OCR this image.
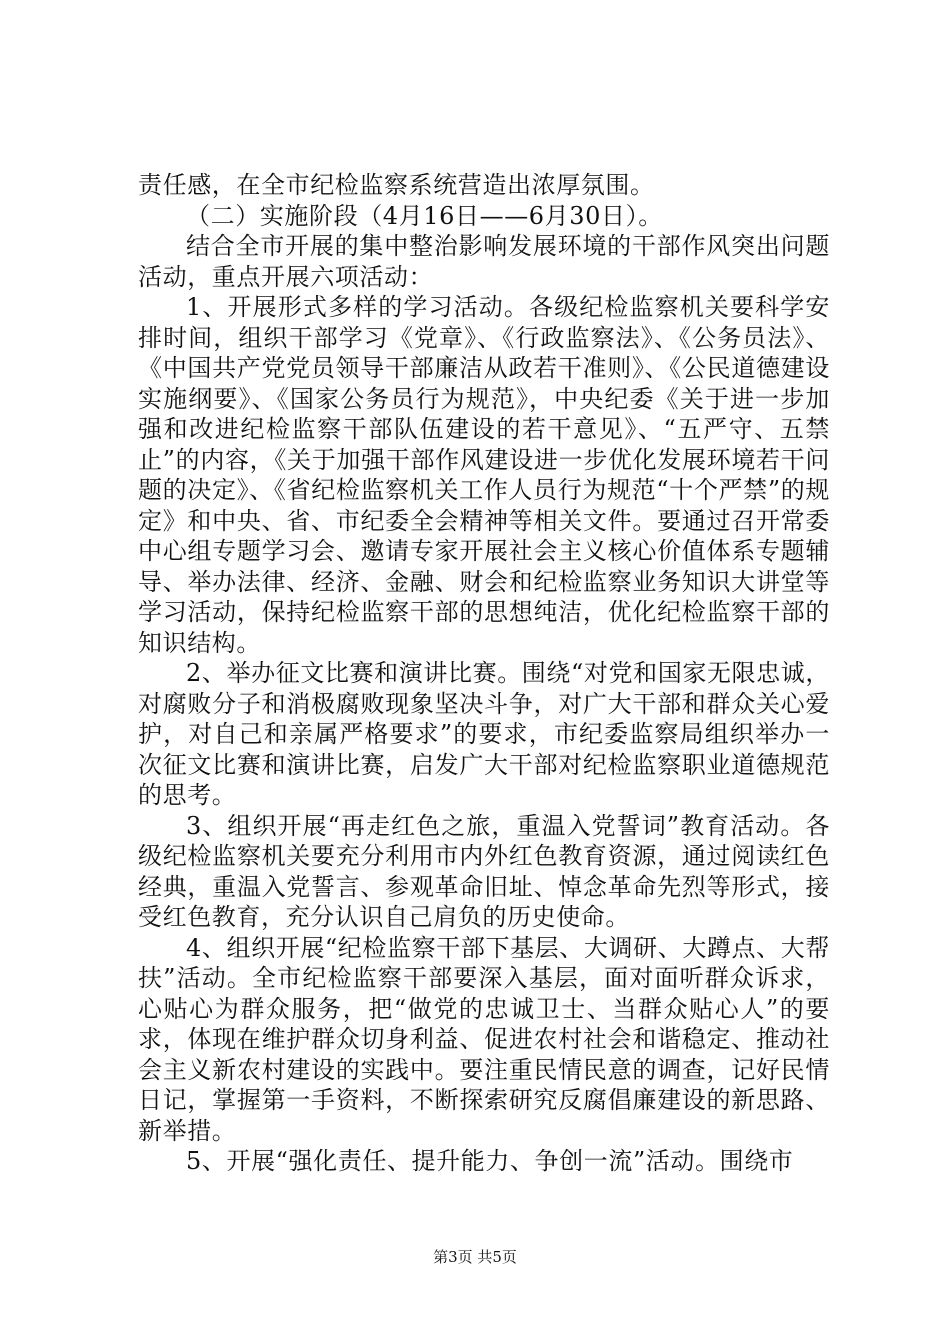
责任感，在全市纪检监察系统营造出浓厚氛围。

（二）实施阶段（4月16日——6月30日）。

结合全市开展的集中整治影响发展环境的干部作风突出问题活动，重点开展六项活动：

1、开展形式多样的学习活动。各级纪检监察机关要科学安排时间，组织干部学习《党章》、《行政监察法》、《公务员法》、《中国共产党党员领导干部廉洁从政若干准则》、《公民道德建设实施纲要》、《国家公务员行为规范》，中央纪委《关于进一步加强和改进纪检监察干部队伍建设的若干意见》、“五严守、五禁止”的内容，《关于加强干部作风建设进一步优化发展环境若干问题的决定》、《省纪检监察机关工作人员行为规范“十个严禁”的规定》和中央、省、市纪委全会精神等相关文件。要通过召开常委中心组专题学习会、邀请专家开展社会主义核心价值体系专题辅导、举办法律、经济、金融、财会和纪检监察业务知识大讲堂等学习活动，保持纪检监察干部的思想纯洁，优化纪检监察干部的知识结构。

2、举办征文比赛和演讲比赛。围绕“对党和国家无限忠诚，对腐败分子和消极腐败现象坚决斗争，对广大干部和群众关心爱护，对自己和亲属严格要求”的要求，市纪委监察局组织举办一次征文比赛和演讲比赛，启发广大干部对纪检监察职业道德规范的思考。

3、组织开展“再走红色之旅，重温入党誓词”教育活动。各级纪检监察机关要充分利用市内外红色教育资源，通过阅读红色经典，重温入党誓言、参观革命旧址、悼念革命先烈等形式，接受红色教育，充分认识自己肩负的历史使命。

4、组织开展“纪检监察干部下基层、大调研、大蹲点、大帮扶”活动。全市纪检监察干部要深入基层，面对面听群众诉求，心贴心为群众服务，把“做党的忠诚卫士、当群众贴心人”的要求，体现在维护群众切身利益、促进农村社会和谐稳定、推动社会主义新农村建设的实践中。要注重民情民意的调查，记好民情日记，掌握第一手资料，不断探索研究反腐倡廉建设的新思路、新举措。

5、开展“强化责任、提升能力、争创一流”活动。围绕市

第3页 共5页
